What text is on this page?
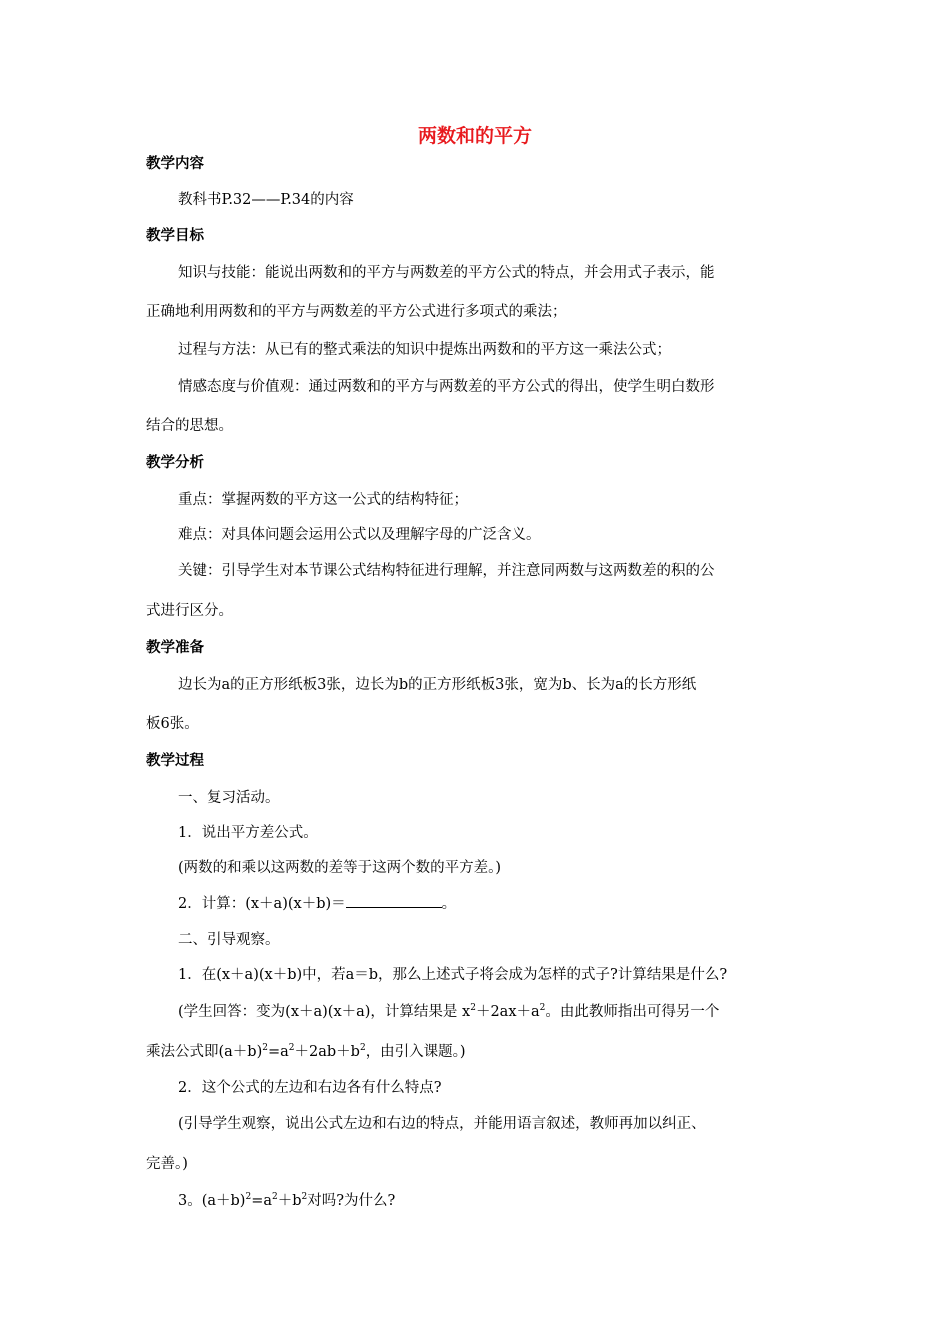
两数和的平方
教学内容
教科书P.32——P.34的内容
教学目标
知识与技能：能说出两数和的平方与两数差的平方公式的特点，并会用式子表示，能
正确地利用两数和的平方与两数差的平方公式进行多项式的乘法；
过程与方法：从已有的整式乘法的知识中提炼出两数和的平方这一乘法公式；
情感态度与价值观：通过两数和的平方与两数差的平方公式的得出，使学生明白数形
结合的思想。
教学分析
重点：掌握两数的平方这一公式的结构特征；
难点：对具体问题会运用公式以及理解字母的广泛含义。
关键：引导学生对本节课公式结构特征进行理解，并注意同两数与这两数差的积的公
式进行区分。
教学准备
边长为a的正方形纸板3张，边长为b的正方形纸板3张，宽为b、长为a的长方形纸
板6张。
教学过程
一、复习活动。
1．说出平方差公式。
(两数的和乘以这两数的差等于这两个数的平方差。)
2．计算：(x＋a)(x＋b)＝	。
二、引导观察。
1．在(x＋a)(x＋b)中，若a＝b，那么上述式子将会成为怎样的式子?计算结果是什么?
(学生回答：变为(x＋a)(x＋a)，计算结果是 $x^2+2ax+a^2$。由此教师指出可得另一个
乘法公式即$(a+b)^2=a^2+2ab+b^2$，由引入课题。)
2．这个公式的左边和右边各有什么特点?
(引导学生观察，说出公式左边和右边的特点，并能用语言叙述，教师再加以纠正、
完善。)
3。$(a+b)^2=a^2+b^2$对吗?为什么?
